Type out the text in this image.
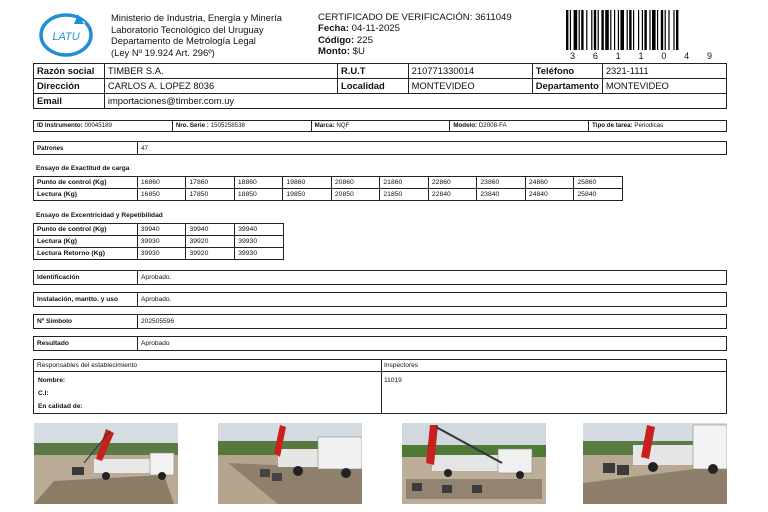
LATU
Ministerio de Industria, Energía y Minería
Laboratorio Tecnológico del Uruguay
Departamento de Metrología Legal
(Ley Nº 19.924 Art. 296º)
CERTIFICADO DE VERIFICACIÓN: 3611049
Fecha: 04-11-2025
Código: 225
Monto: $U	3 6 1 1 0 4 9
Razón social	TIMBER S.A.	R.U.T	210771330014	Teléfono	2321-1111
Dirección	CARLOS A. LOPEZ 8036	Localidad	MONTEVIDEO	Departamento	MONTEVIDEO
Email	importaciones@timber.com.uy				
ID Instrumento: 00045189	Nro. Serie : 1505258538	Marca: NQF	Modelo: D2008-FA	Tipo de tarea: Periodicas
Patrones	47
Ensayo de Exactitud de carga
Punto de control (Kg)	16860	17860	18860	19860	20860	21860	22860	23860	24860	25860
Lectura (Kg)	16850	17850	18850	19850	20850	21850	22840	23840	24840	25840
Ensayo de Excentricidad y Repetibilidad
Punto de control (Kg)	39940	39940	39940
Lectura (Kg)	39930	39920	39930
Lectura Retorno (Kg)	39930	39920	39930
Identificación	Aprobado.
Instalación, mantto. y uso	Aprobado.
Nº Símbolo	202505596
Resultado	Aprobado
Responsables del establecimiento	Inspectores
Nombre:
C.I:
En calidad de:
11019
